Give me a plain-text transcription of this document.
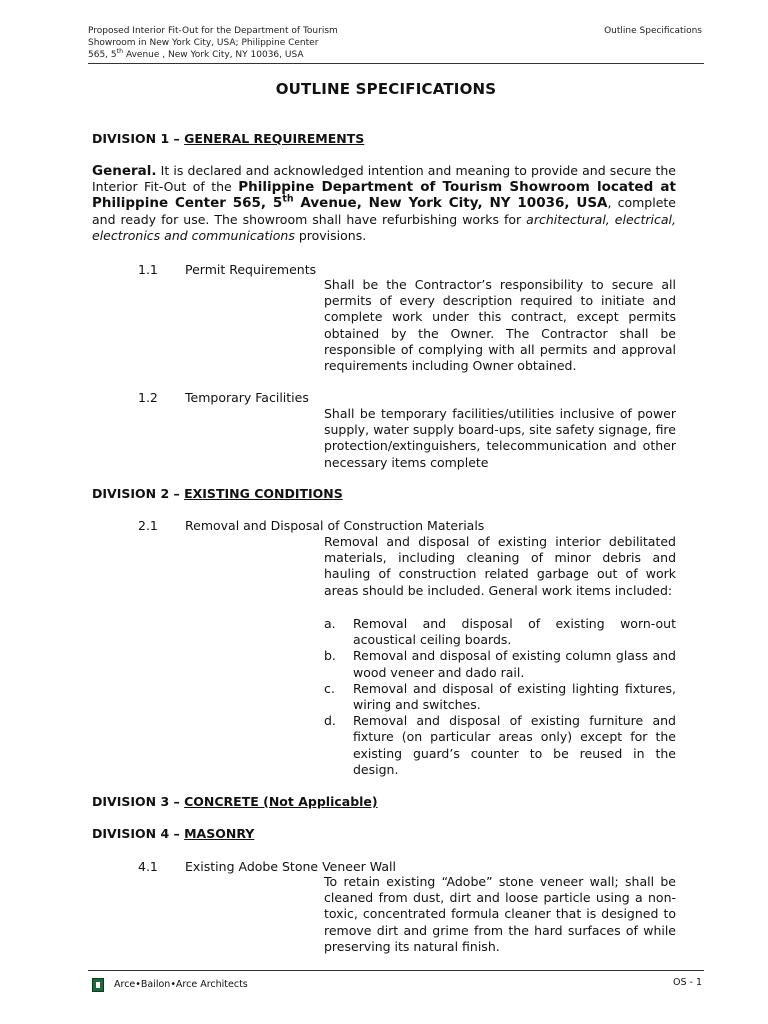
Proposed Interior Fit-Out for the Department of Tourism
Showroom in New York City, USA; Philippine Center
565, 5th Avenue , New York City, NY 10036, USA
Outline Specifications
OUTLINE SPECIFICATIONS
DIVISION 1 – GENERAL REQUIREMENTS
General. It is declared and acknowledged intention and meaning to provide and secure the Interior Fit-Out of the Philippine Department of Tourism Showroom located at Philippine Center 565, 5th Avenue, New York City, NY 10036, USA, complete and ready for use. The showroom shall have refurbishing works for architectural, electrical, electronics and communications provisions.
1.1 Permit Requirements
Shall be the Contractor’s responsibility to secure all permits of every description required to initiate and complete work under this contract, except permits obtained by the Owner. The Contractor shall be responsible of complying with all permits and approval requirements including Owner obtained.
1.2 Temporary Facilities
Shall be temporary facilities/utilities inclusive of power supply, water supply board-ups, site safety signage, fire protection/extinguishers, telecommunication and other necessary items complete
DIVISION 2 – EXISTING CONDITIONS
2.1 Removal and Disposal of Construction Materials
Removal and disposal of existing interior debilitated materials, including cleaning of minor debris and hauling of construction related garbage out of work areas should be included. General work items included:
a. Removal and disposal of existing worn-out acoustical ceiling boards.
b. Removal and disposal of existing column glass and wood veneer and dado rail.
c. Removal and disposal of existing lighting fixtures, wiring and switches.
d. Removal and disposal of existing furniture and fixture (on particular areas only) except for the existing guard’s counter to be reused in the design.
DIVISION 3 – CONCRETE (Not Applicable)
DIVISION 4 – MASONRY
4.1 Existing Adobe Stone Veneer Wall
To retain existing “Adobe” stone veneer wall; shall be cleaned from dust, dirt and loose particle using a non-toxic, concentrated formula cleaner that is designed to remove dirt and grime from the hard surfaces of while preserving its natural finish.
Arce•Bailon•Arce Architects	OS - 1
